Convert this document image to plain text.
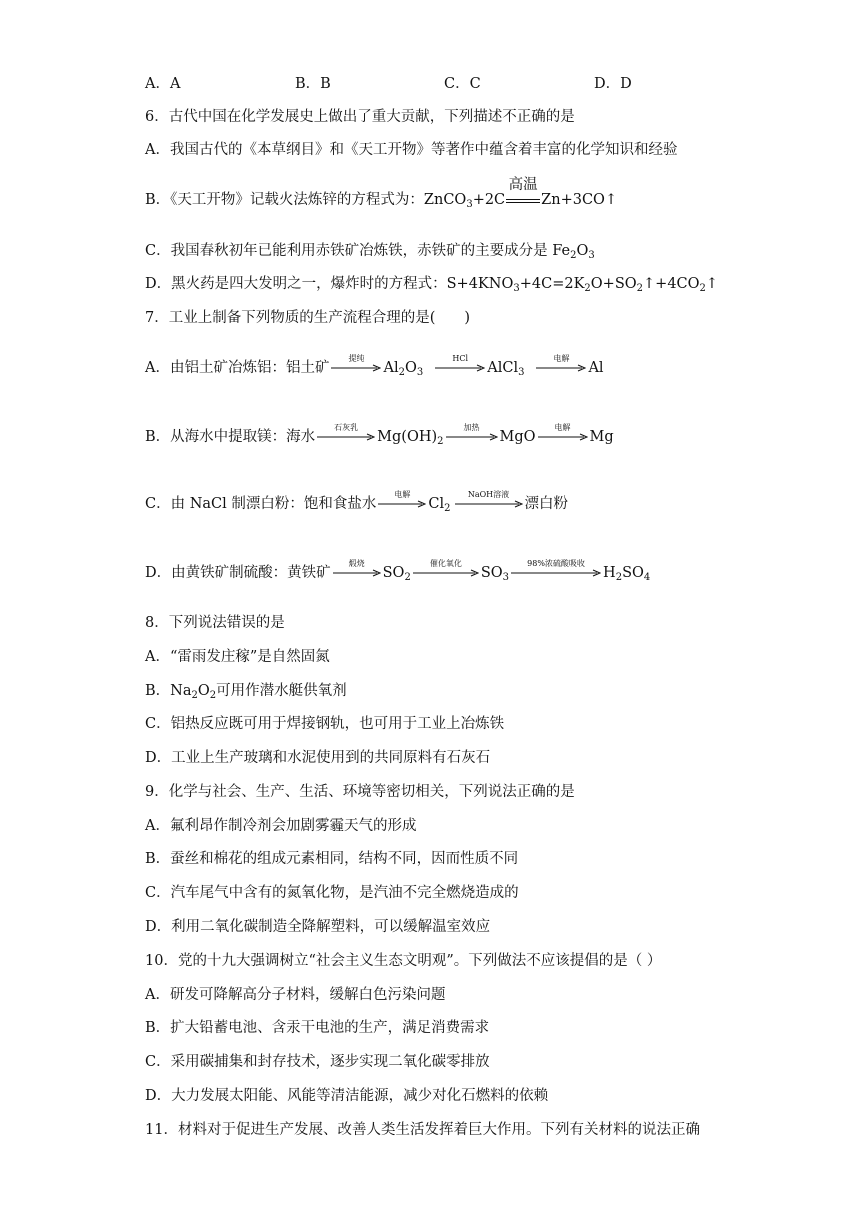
A．A	B．B	C．C	D．D
6．古代中国在化学发展史上做出了重大贡献，下列描述不正确的是
A．我国古代的《本草纲目》和《天工开物》等著作中蕴含着丰富的化学知识和经验
B．《天工开物》记载火法炼锌的方程式为：ZnCO$_3$+2C
高温
Zn+3CO↑
C．我国春秋初年已能利用赤铁矿冶炼铁，赤铁矿的主要成分是 $Fe_2O_3$
D．黑火药是四大发明之一，爆炸时的方程式：$S+4KNO_3+4C=2K_2O+SO_2↑+4CO_2↑$
7．工业上制备下列物质的生产流程合理的是(　　)
A．由铝土矿冶炼铝：铝土矿
提纯
$Al_2O_3$
HCl
AlCl$_3$
电解
Al
B．从海水中提取镁：海水
石灰乳
$Mg(OH)_2$
加热
MgO
电解
Mg
C．由 NaCl 制漂白粉：饱和食盐水
电解
$Cl_2$
NaOH溶液
漂白粉
D．由黄铁矿制硫酸：黄铁矿
煅烧
$SO_2$
催化氧化
$SO_3$
98%浓硫酸吸收
$H_2SO_4$
8．下列说法错误的是
A．“雷雨发庄稼”是自然固氮
B．$Na_2O_2$可用作潜水艇供氧剂
C．铝热反应既可用于焊接钢轨，也可用于工业上冶炼铁
D．工业上生产玻璃和水泥使用到的共同原料有石灰石
9．化学与社会、生产、生活、环境等密切相关，下列说法正确的是
A．氟利昂作制冷剂会加剧雾霾天气的形成
B．蚕丝和棉花的组成元素相同，结构不同，因而性质不同
C．汽车尾气中含有的氮氧化物，是汽油不完全燃烧造成的
D．利用二氧化碳制造全降解塑料，可以缓解温室效应
10．党的十九大强调树立“社会主义生态文明观”。下列做法不应该提倡的是（ ）
A．研发可降解高分子材料，缓解白色污染问题
B．扩大铅蓄电池、含汞干电池的生产，满足消费需求
C．采用碳捕集和封存技术，逐步实现二氧化碳零排放
D．大力发展太阳能、风能等清洁能源，减少对化石燃料的依赖
11．材料对于促进生产发展、改善人类生活发挥着巨大作用。下列有关材料的说法正确
